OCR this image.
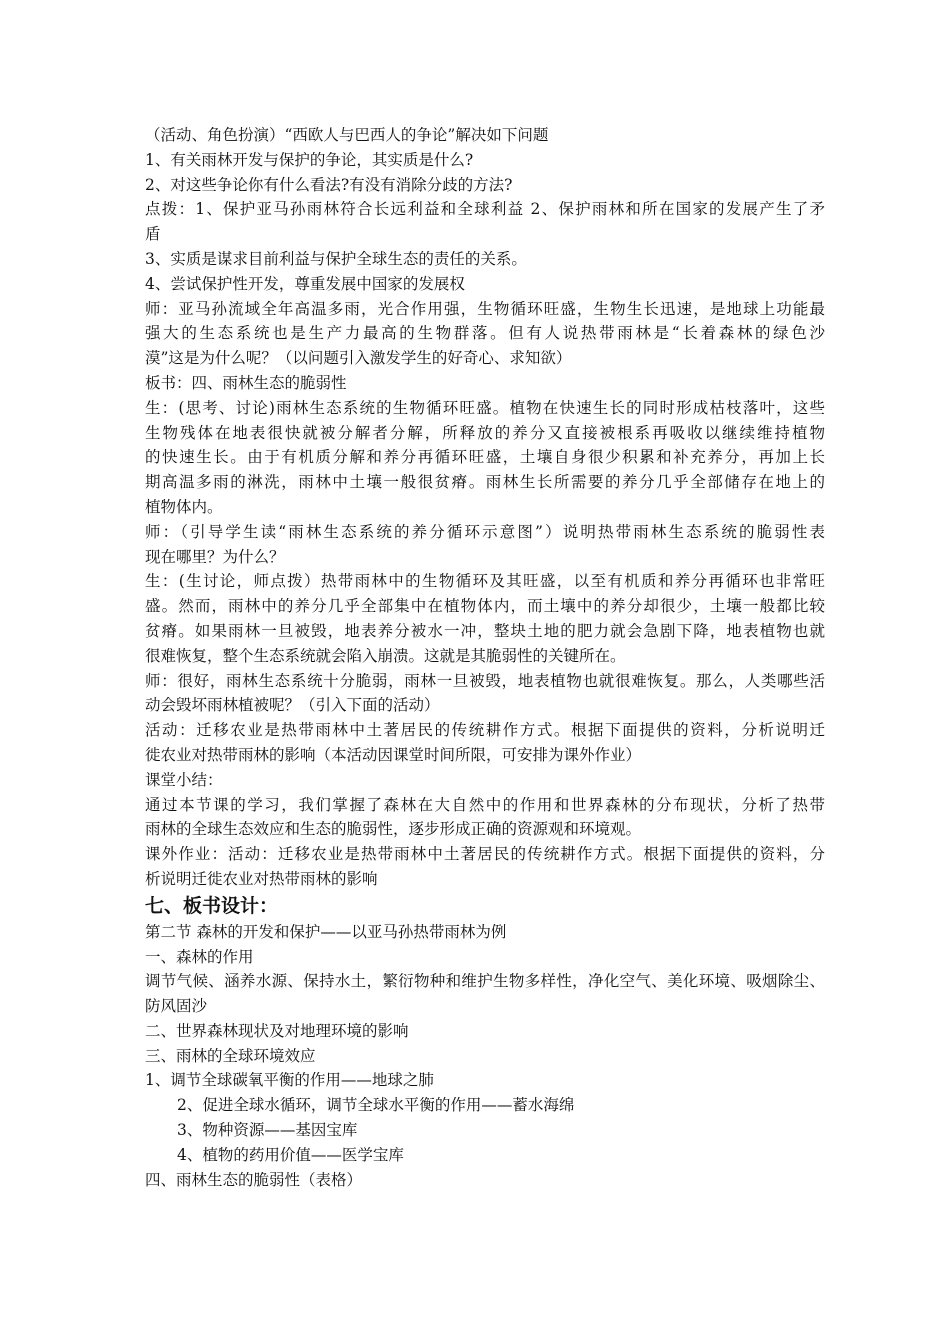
（活动、角色扮演）“西欧人与巴西人的争论”解决如下问题
1、有关雨林开发与保护的争论，其实质是什么?
2、对这些争论你有什么看法?有没有消除分歧的方法?
点拨：1、保护亚马孙雨林符合长远利益和全球利益 2、保护雨林和所在国家的发展产生了矛
盾
3、实质是谋求目前利益与保护全球生态的责任的关系。
4、尝试保护性开发，尊重发展中国家的发展权
师：亚马孙流域全年高温多雨，光合作用强，生物循环旺盛，生物生长迅速，是地球上功能最
强大的生态系统也是生产力最高的生物群落。但有人说热带雨林是“长着森林的绿色沙
漠”这是为什么呢？（以问题引入激发学生的好奇心、求知欲）
板书：四、雨林生态的脆弱性
生：(思考、讨论)雨林生态系统的生物循环旺盛。植物在快速生长的同时形成枯枝落叶，这些
生物残体在地表很快就被分解者分解，所释放的养分又直接被根系再吸收以继续维持植物
的快速生长。由于有机质分解和养分再循环旺盛，土壤自身很少积累和补充养分，再加上长
期高温多雨的淋洗，雨林中土壤一般很贫瘠。雨林生长所需要的养分几乎全部储存在地上的
植物体内。
师：（引导学生读“雨林生态系统的养分循环示意图”）说明热带雨林生态系统的脆弱性表
现在哪里？为什么？
生：(生讨论，师点拨）热带雨林中的生物循环及其旺盛，以至有机质和养分再循环也非常旺
盛。然而，雨林中的养分几乎全部集中在植物体内，而土壤中的养分却很少，土壤一般都比较
贫瘠。如果雨林一旦被毁，地表养分被水一冲，整块土地的肥力就会急剧下降，地表植物也就
很难恢复，整个生态系统就会陷入崩溃。这就是其脆弱性的关键所在。
师：很好，雨林生态系统十分脆弱，雨林一旦被毁，地表植物也就很难恢复。那么，人类哪些活
动会毁坏雨林植被呢？（引入下面的活动）
活动：迁移农业是热带雨林中土著居民的传统耕作方式。根据下面提供的资料，分析说明迁
徙农业对热带雨林的影响（本活动因课堂时间所限，可安排为课外作业）
课堂小结：
通过本节课的学习，我们掌握了森林在大自然中的作用和世界森林的分布现状，分析了热带
雨林的全球生态效应和生态的脆弱性，逐步形成正确的资源观和环境观。
课外作业：活动：迁移农业是热带雨林中土著居民的传统耕作方式。根据下面提供的资料，分
析说明迁徙农业对热带雨林的影响
七、板书设计：
第二节 森林的开发和保护——以亚马孙热带雨林为例
一、森林的作用
调节气候、涵养水源、保持水土，繁衍物种和维护生物多样性，净化空气、美化环境、吸烟除尘、
防风固沙
二、世界森林现状及对地理环境的影响
三、雨林的全球环境效应
1、调节全球碳氧平衡的作用——地球之肺
2、促进全球水循环，调节全球水平衡的作用——蓄水海绵
3、物种资源——基因宝库
4、植物的药用价值——医学宝库
四、雨林生态的脆弱性（表格）
